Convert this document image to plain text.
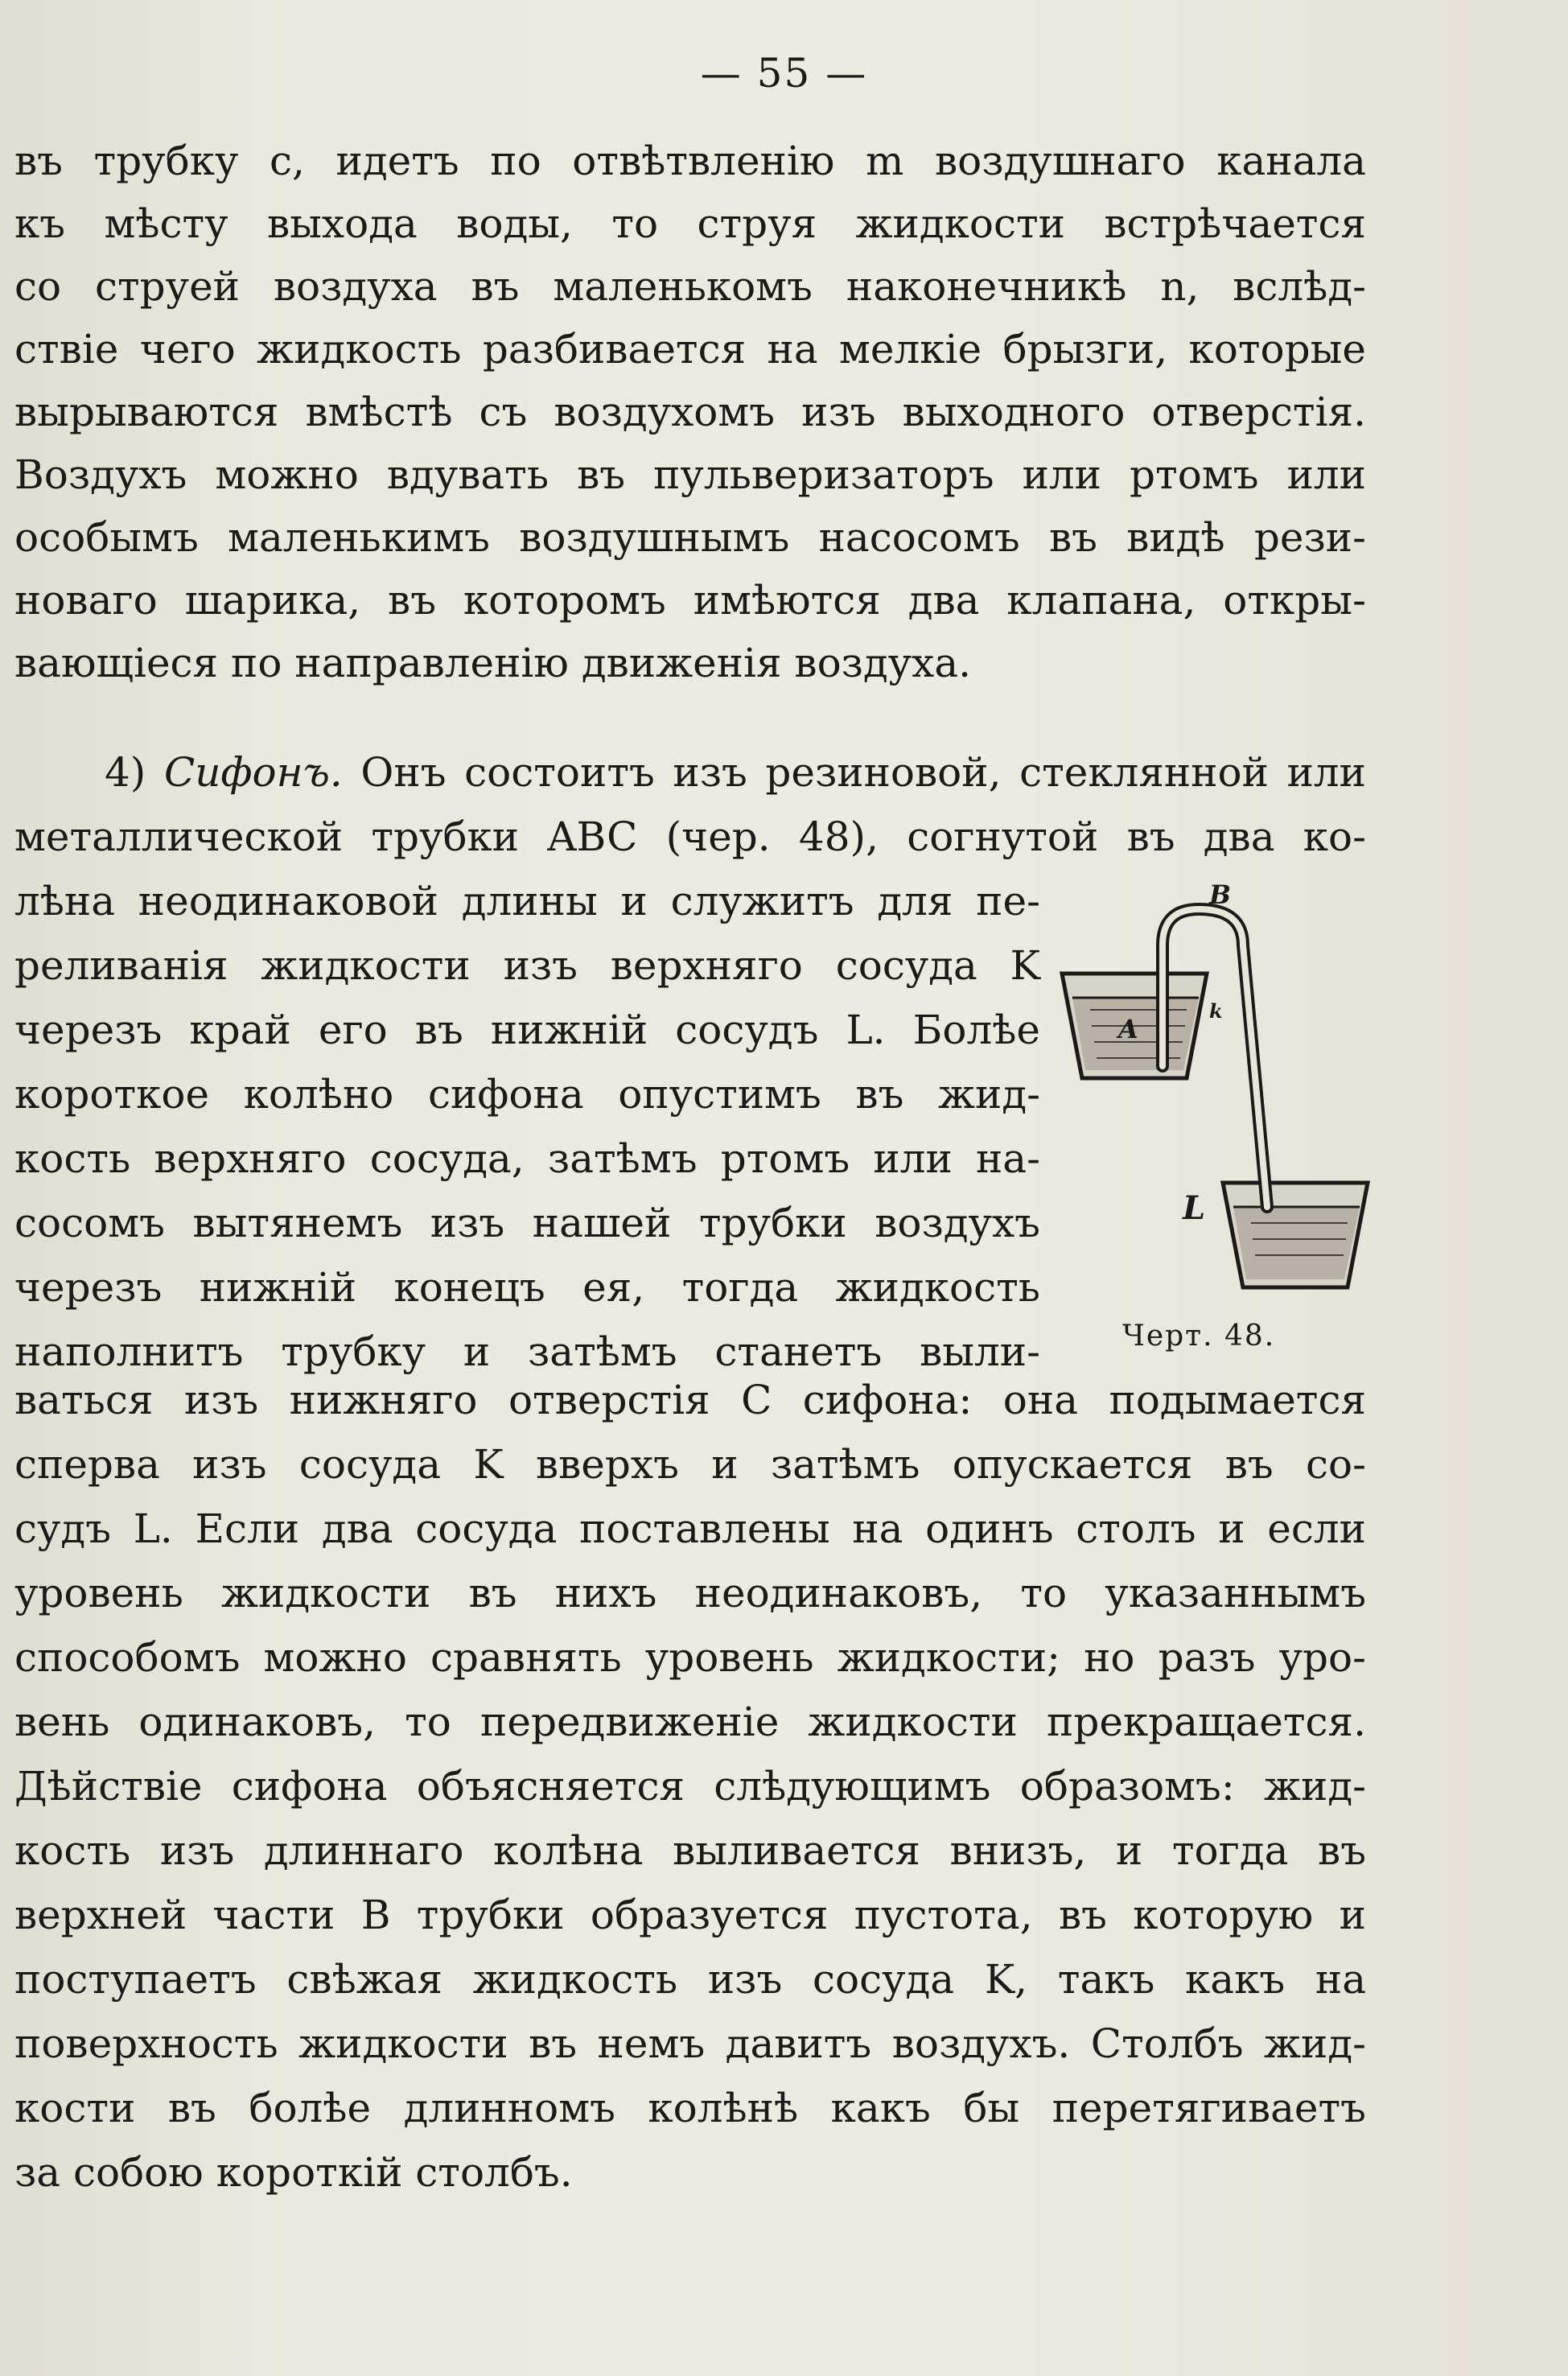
— 55 —
въ трубку с, идетъ по отвѣтвленію m воздушнаго канала
къ мѣсту выхода воды, то струя жидкости встрѣчается
со струей воздуха въ маленькомъ наконечникѣ n, вслѣд-
ствіе чего жидкость разбивается на мелкіе брызги, которые
вырываются вмѣстѣ съ воздухомъ изъ выходного отверстія.
Воздухъ можно вдувать въ пульверизаторъ или ртомъ или
особымъ маленькимъ воздушнымъ насосомъ въ видѣ рези-
новаго шарика, въ которомъ имѣются два клапана, откры-
вающіеся по направленію движенія воздуха.
4) Сифонъ. Онъ состоитъ изъ резиновой, стеклянной или
металлической трубки ABC (чер. 48), согнутой въ два ко-
лѣна неодинаковой длины и служитъ для пе-
реливанія жидкости изъ верхняго сосуда K
черезъ край его въ нижній сосудъ L. Болѣе
короткое колѣно сифона опустимъ въ жид-
кость верхняго сосуда, затѣмъ ртомъ или на-
сосомъ вытянемъ изъ нашей трубки воздухъ
черезъ нижній конецъ ея, тогда жидкость
наполнитъ трубку и затѣмъ станетъ выли-
ваться изъ нижняго отверстія C сифона: она подымается
сперва изъ сосуда K вверхъ и затѣмъ опускается въ со-
судъ L. Если два сосуда поставлены на одинъ столъ и если
уровень жидкости въ нихъ неодинаковъ, то указаннымъ
способомъ можно сравнять уровень жидкости; но разъ уро-
вень одинаковъ, то передвиженіе жидкости прекращается.
Дѣйствіе сифона объясняется слѣдующимъ образомъ: жид-
кость изъ длиннаго колѣна выливается внизъ, и тогда въ
верхней части B трубки образуется пустота, въ которую и
поступаетъ свѣжая жидкость изъ сосуда K, такъ какъ на
поверхность жидкости въ немъ давитъ воздухъ. Столбъ жид-
кости въ болѣе длинномъ колѣнѣ какъ бы перетягиваетъ
за собою короткій столбъ.
B
A
k
L
Черт. 48.
